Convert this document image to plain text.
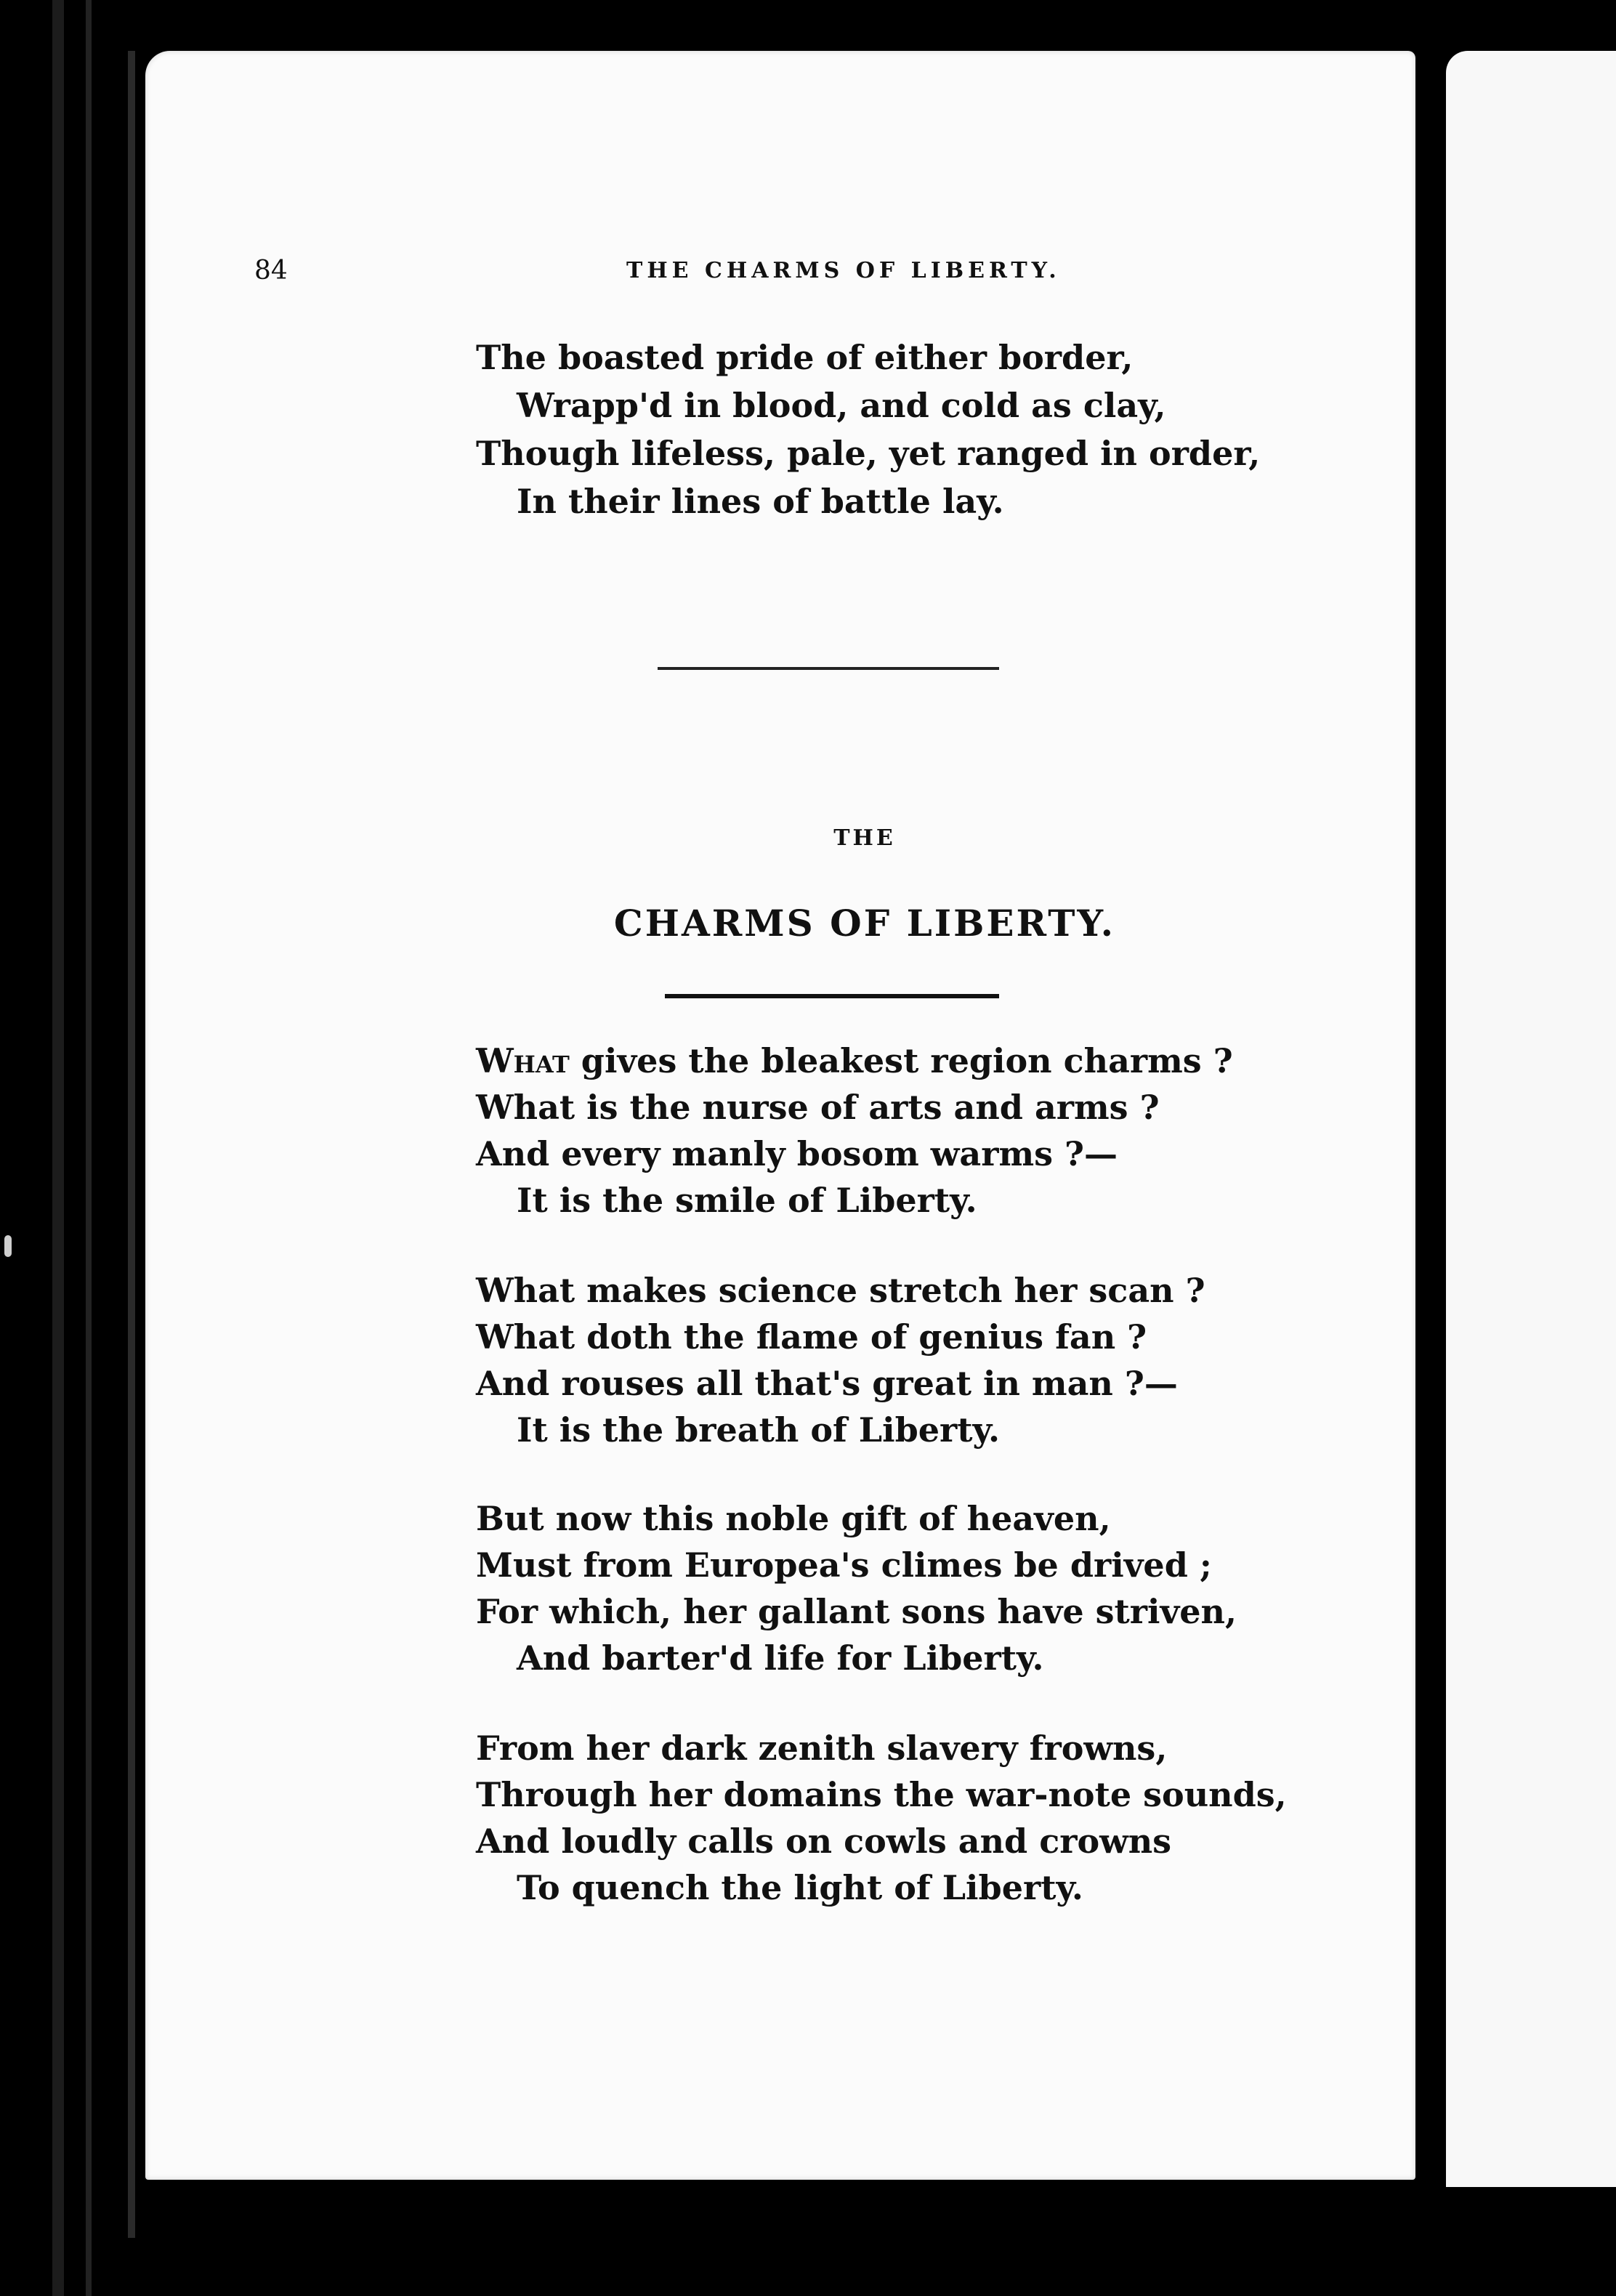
84	THE CHARMS OF LIBERTY.
The boasted pride of either border,
Wrapp'd in blood, and cold as clay,
Though lifeless, pale, yet ranged in order,
In their lines of battle lay.
THE
CHARMS OF LIBERTY.
What gives the bleakest region charms ?
What is the nurse of arts and arms ?
And every manly bosom warms ?—
It is the smile of Liberty.
What makes science stretch her scan ?
What doth the flame of genius fan ?
And rouses all that's great in man ?—
It is the breath of Liberty.
But now this noble gift of heaven,
Must from Europea's climes be drived ;
For which, her gallant sons have striven,
And barter'd life for Liberty.
From her dark zenith slavery frowns,
Through her domains the war-note sounds,
And loudly calls on cowls and crowns
To quench the light of Liberty.
